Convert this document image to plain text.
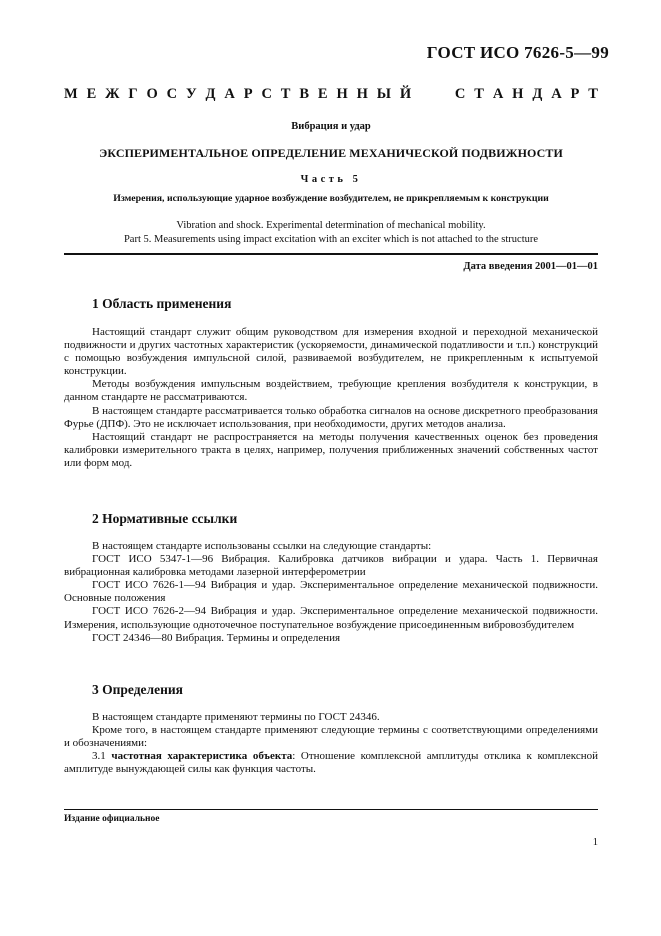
ГОСТ ИСО 7626-5—99
М Е Ж Г О С У Д А Р С Т В Е Н Н Ы Й	С Т А Н Д А Р Т
Вибрация и удар
ЭКСПЕРИМЕНТАЛЬНОЕ ОПРЕДЕЛЕНИЕ МЕХАНИЧЕСКОЙ ПОДВИЖНОСТИ
Часть 5
Измерения, использующие ударное возбуждение возбудителем, не прикрепляемым к конструкции
Vibration and shock. Experimental determination of mechanical mobility.
Part 5. Measurements using impact excitation with an exciter which is not attached to the structure
Дата введения 2001—01—01
1 Область применения

Настоящий стандарт служит общим руководством для измерения входной и переходной механической подвижности и других частотных характеристик (ускоряемости, динамической податливости и т.п.) конструкций с помощью возбуждения импульсной силой, развиваемой возбудителем, не прикрепленным к испытуемой конструкции.

Методы возбуждения импульсным воздействием, требующие крепления возбудителя к конструкции, в данном стандарте не рассматриваются.

В настоящем стандарте рассматривается только обработка сигналов на основе дискретного преобразования Фурье (ДПФ). Это не исключает использования, при необходимости, других методов анализа.

Настоящий стандарт не распространяется на методы получения качественных оценок без проведения калибровки измерительного тракта в целях, например, получения приближенных значений собственных частот или форм мод.

2 Нормативные ссылки

В настоящем стандарте использованы ссылки на следующие стандарты:

ГОСТ ИСО 5347-1—96 Вибрация. Калибровка датчиков вибрации и удара. Часть 1. Первичная вибрационная калибровка методами лазерной интерферометрии

ГОСТ ИСО 7626-1—94 Вибрация и удар. Экспериментальное определение механической подвижности. Основные положения

ГОСТ ИСО 7626-2—94 Вибрация и удар. Экспериментальное определение механической подвижности. Измерения, использующие одноточечное поступательное возбуждение присоединенным вибровозбудителем

ГОСТ 24346—80 Вибрация. Термины и определения

3 Определения

В настоящем стандарте применяют термины по ГОСТ 24346.

Кроме того, в настоящем стандарте применяют следующие термины с соответствующими определениями и обозначениями:

3.1 частотная характеристика объекта: Отношение комплексной амплитуды отклика к комплексной амплитуде вынуждающей силы как функция частоты.

Издание официальное
1
